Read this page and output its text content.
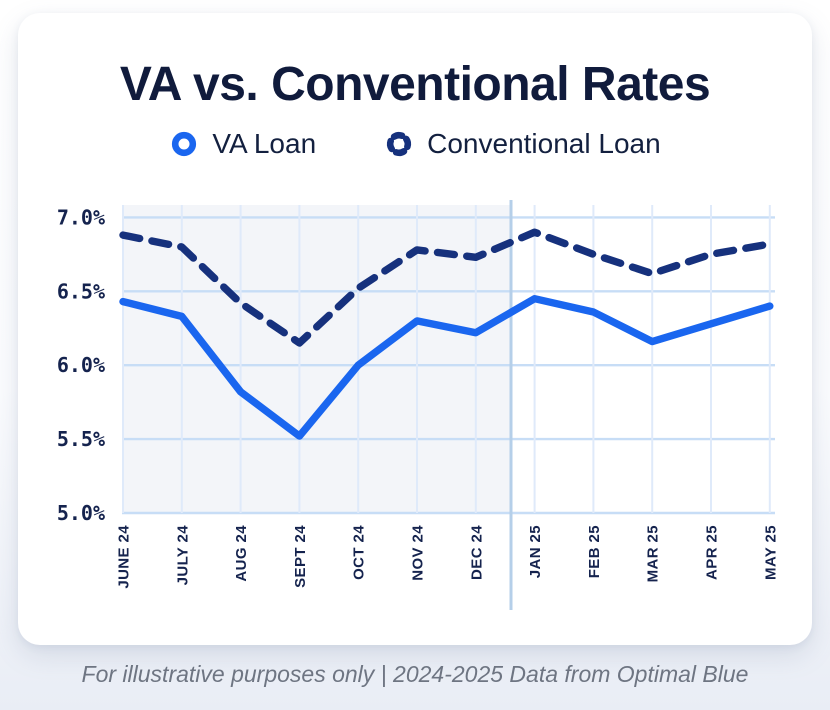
VA vs. Conventional Rates
VA Loan	Conventional Loan
7.0%
6.5%
6.0%
5.5%
5.0%
JUNE 24	JULY 24	AUG 24	SEPT 24	OCT 24	NOV 24	DEC 24	JAN 25	FEB 25	MAR 25	APR 25	MAY 25
For illustrative purposes only | 2024-2025 Data from Optimal Blue
